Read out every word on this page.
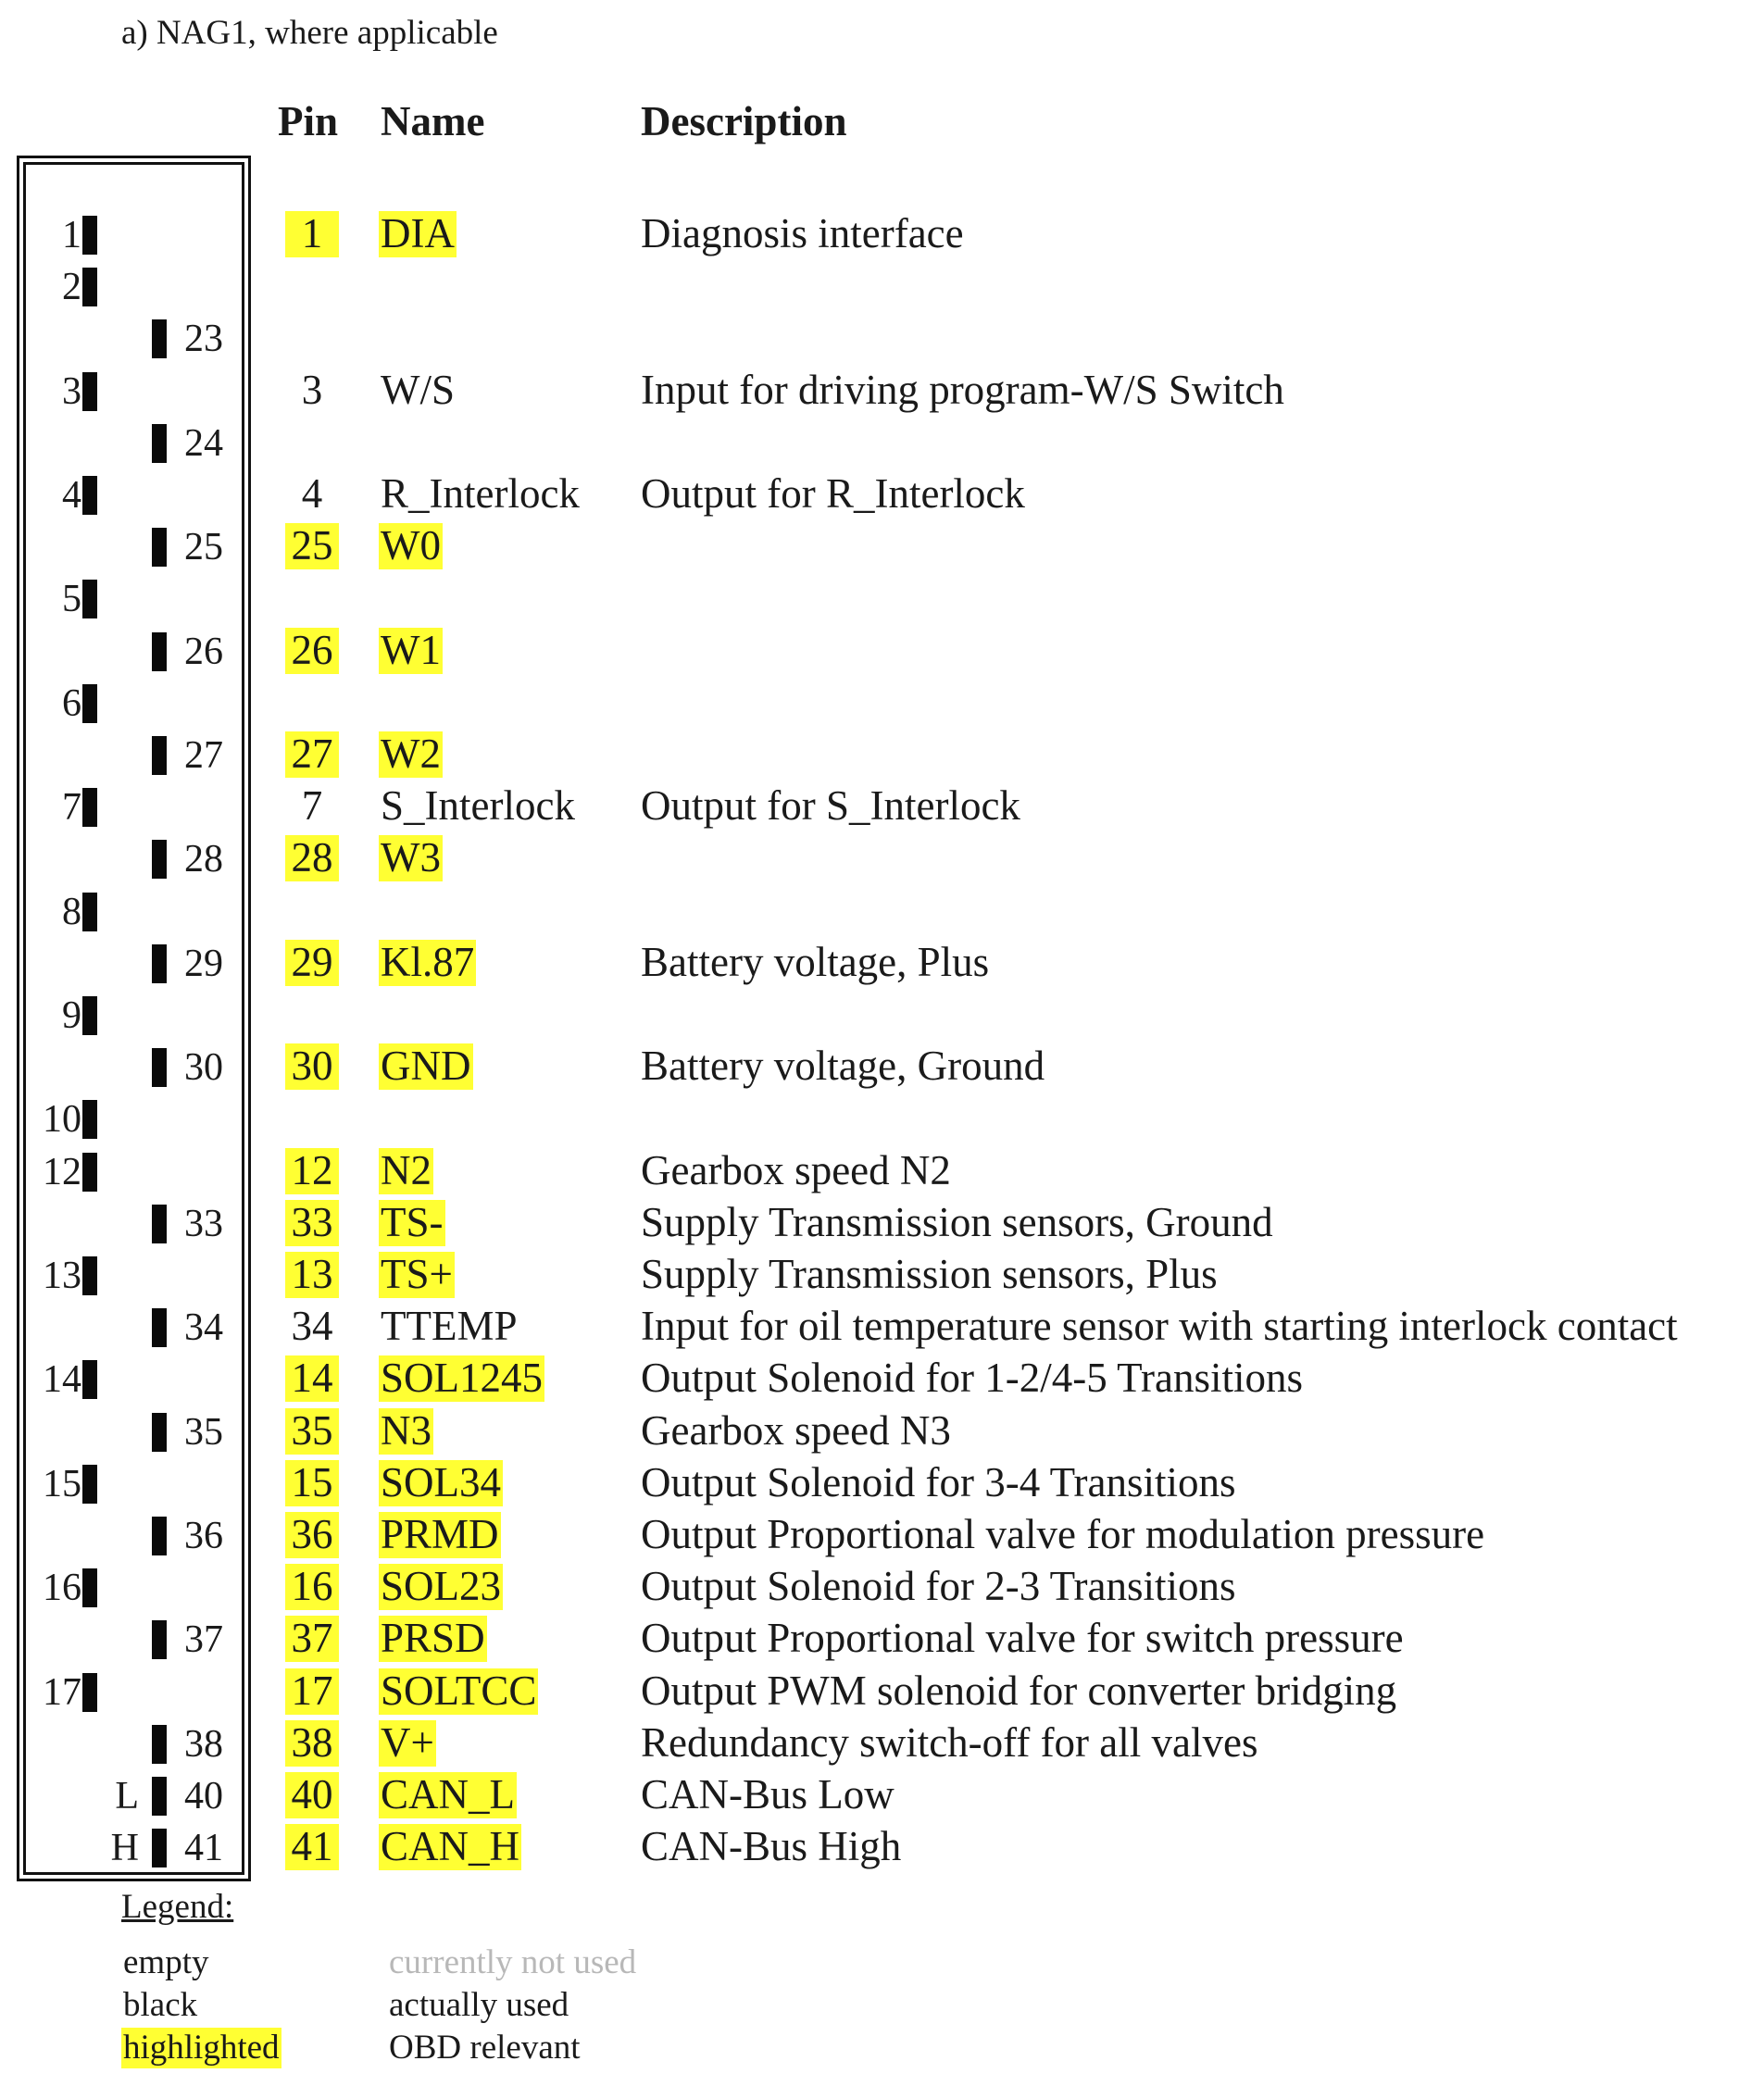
a) NAG1, where applicable
Pin Name	Description
1
2
23
3
24
4
25
5
26
6
27
7
28
8
29
9
30
10
12
33
13
34
14
35
15
36
16
37
17
38
40
L
41
H
1	DIA	Diagnosis interface
3	W/S	Input for driving program-W/S Switch
4	R_Interlock Output for R_Interlock
25 W0
26 W1
27 W2
7	S_Interlock Output for S_Interlock
28 W3
29 Kl.87	Battery voltage, Plus
30 GND	Battery voltage, Ground
12 N2	Gearbox speed N2
33 TS-	Supply Transmission sensors, Ground
13 TS+	Supply Transmission sensors, Plus
34 TTEMP	Input for oil temperature sensor with starting interlock contact
14 SOL1245 Output Solenoid for 1-2/4-5 Transitions
35 N3	Gearbox speed N3
15 SOL34	Output Solenoid for 3-4 Transitions
36 PRMD	Output Proportional valve for modulation pressure
16 SOL23	Output Solenoid for 2-3 Transitions
37 PRSD	Output Proportional valve for switch pressure
17 SOLTCC	Output PWM solenoid for converter bridging
38 V+	Redundancy switch-off for all valves
40 CAN_L	CAN-Bus Low
41 CAN_H	CAN-Bus High
Legend:
empty	currently not used
black	actually used
highlighted	OBD relevant
